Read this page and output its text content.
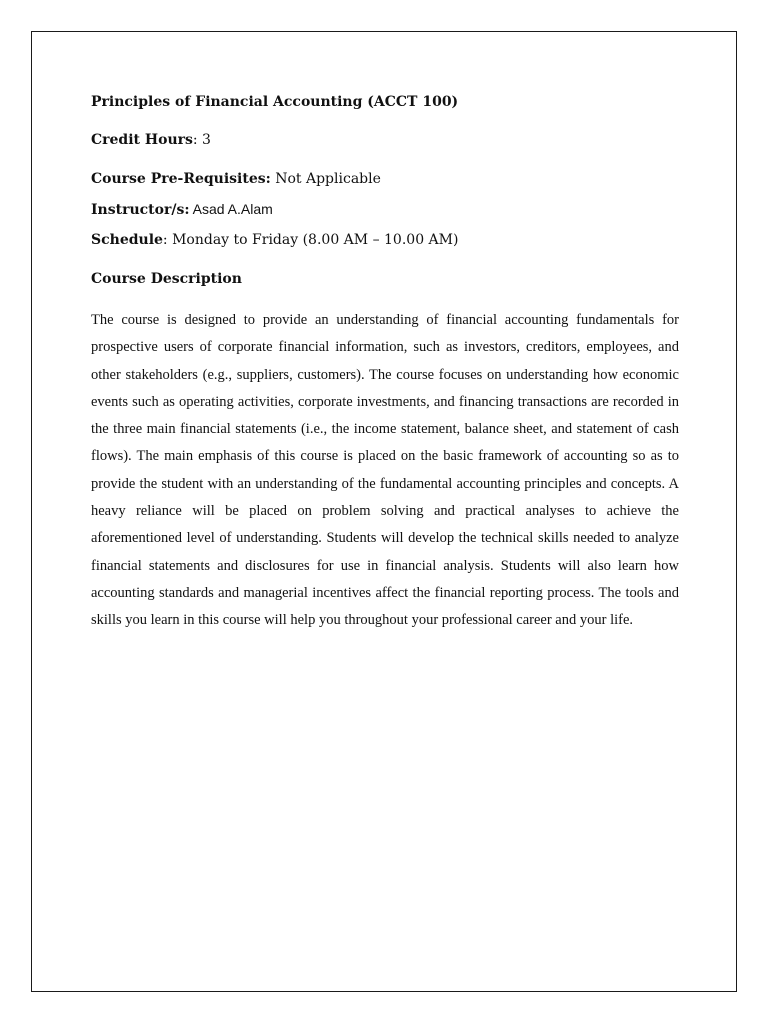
Principles of Financial Accounting (ACCT 100)

Credit Hours: 3

Course Pre-Requisites: Not Applicable

Instructor/s: Asad A.Alam

Schedule: Monday to Friday (8.00 AM – 10.00 AM)

Course Description

The course is designed to provide an understanding of financial accounting fundamentals for prospective users of corporate financial information, such as investors, creditors, employees, and other stakeholders (e.g., suppliers, customers). The course focuses on understanding how economic events such as operating activities, corporate investments, and financing transactions are recorded in the three main financial statements (i.e., the income statement, balance sheet, and statement of cash flows). The main emphasis of this course is placed on the basic framework of accounting so as to provide the student with an understanding of the fundamental accounting principles and concepts. A heavy reliance will be placed on problem solving and practical analyses to achieve the aforementioned level of understanding. Students will develop the technical skills needed to analyze financial statements and disclosures for use in financial analysis. Students will also learn how accounting standards and managerial incentives affect the financial reporting process. The tools and skills you learn in this course will help you throughout your professional career and your life.
